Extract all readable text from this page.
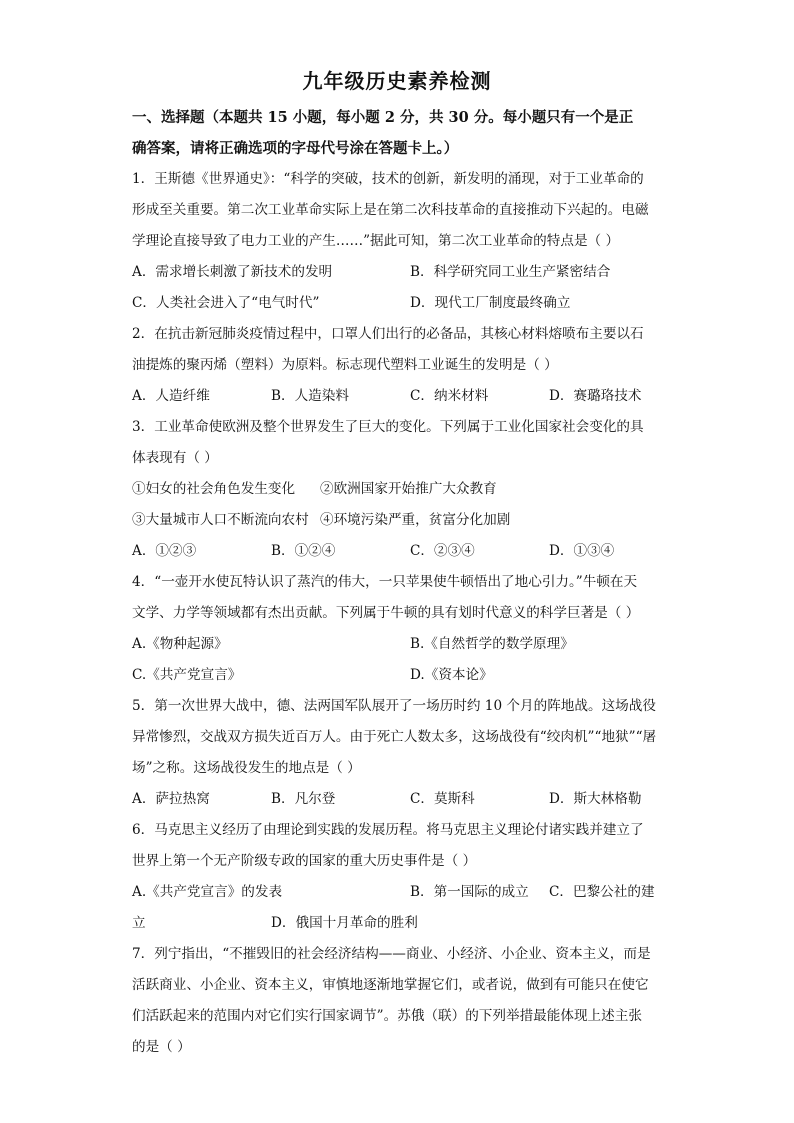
九年级历史素养检测
一、选择题（本题共 15 小题，每小题 2 分，共 30 分。每小题只有一个是正
确答案，请将正确选项的字母代号涂在答题卡上。）
1．王斯德《世界通史》：“科学的突破，技术的创新，新发明的涌现，对于工业革命的
形成至关重要。第二次工业革命实际上是在第二次科技革命的直接推动下兴起的。电磁
学理论直接导致了电力工业的产生……”据此可知，第二次工业革命的特点是（ ）
A．需求增长刺激了新技术的发明	B．科学研究同工业生产紧密结合
C．人类社会进入了“电气时代”	D．现代工厂制度最终确立
2．在抗击新冠肺炎疫情过程中，口罩人们出行的必备品，其核心材料熔喷布主要以石
油提炼的聚丙烯（塑料）为原料。标志现代塑料工业诞生的发明是（ ）
A．人造纤维	B．人造染料	C．纳米材料	D．赛璐珞技术
3．工业革命使欧洲及整个世界发生了巨大的变化。下列属于工业化国家社会变化的具
体表现有（ ）
①妇女的社会角色发生变化	②欧洲国家开始推广大众教育
③大量城市人口不断流向农村 ④环境污染严重，贫富分化加剧
A．①②③	B．①②④	C．②③④	D．①③④
4．“一壶开水使瓦特认识了蒸汽的伟大，一只苹果使牛顿悟出了地心引力。”牛顿在天
文学、力学等领域都有杰出贡献。下列属于牛顿的具有划时代意义的科学巨著是（ ）
A.《物种起源》	B.《自然哲学的数学原理》
C.《共产党宣言》	D.《资本论》
5．第一次世界大战中，德、法两国军队展开了一场历时约 10 个月的阵地战。这场战役
异常惨烈，交战双方损失近百万人。由于死亡人数太多，这场战役有“绞肉机”“地狱”“屠
场”之称。这场战役发生的地点是（ ）
A．萨拉热窝	B．凡尔登	C．莫斯科	D．斯大林格勒
6．马克思主义经历了由理论到实践的发展历程。将马克思主义理论付诸实践并建立了
世界上第一个无产阶级专政的国家的重大历史事件是（ ）
A.《共产党宣言》的发表	B．第一国际的成立	C．巴黎公社的建
立	D．俄国十月革命的胜利
7．列宁指出，“不摧毁旧的社会经济结构——商业、小经济、小企业、资本主义，而是
活跃商业、小企业、资本主义，审慎地逐渐地掌握它们，或者说，做到有可能只在使它
们活跃起来的范围内对它们实行国家调节”。苏俄（联）的下列举措最能体现上述主张
的是（ ）
